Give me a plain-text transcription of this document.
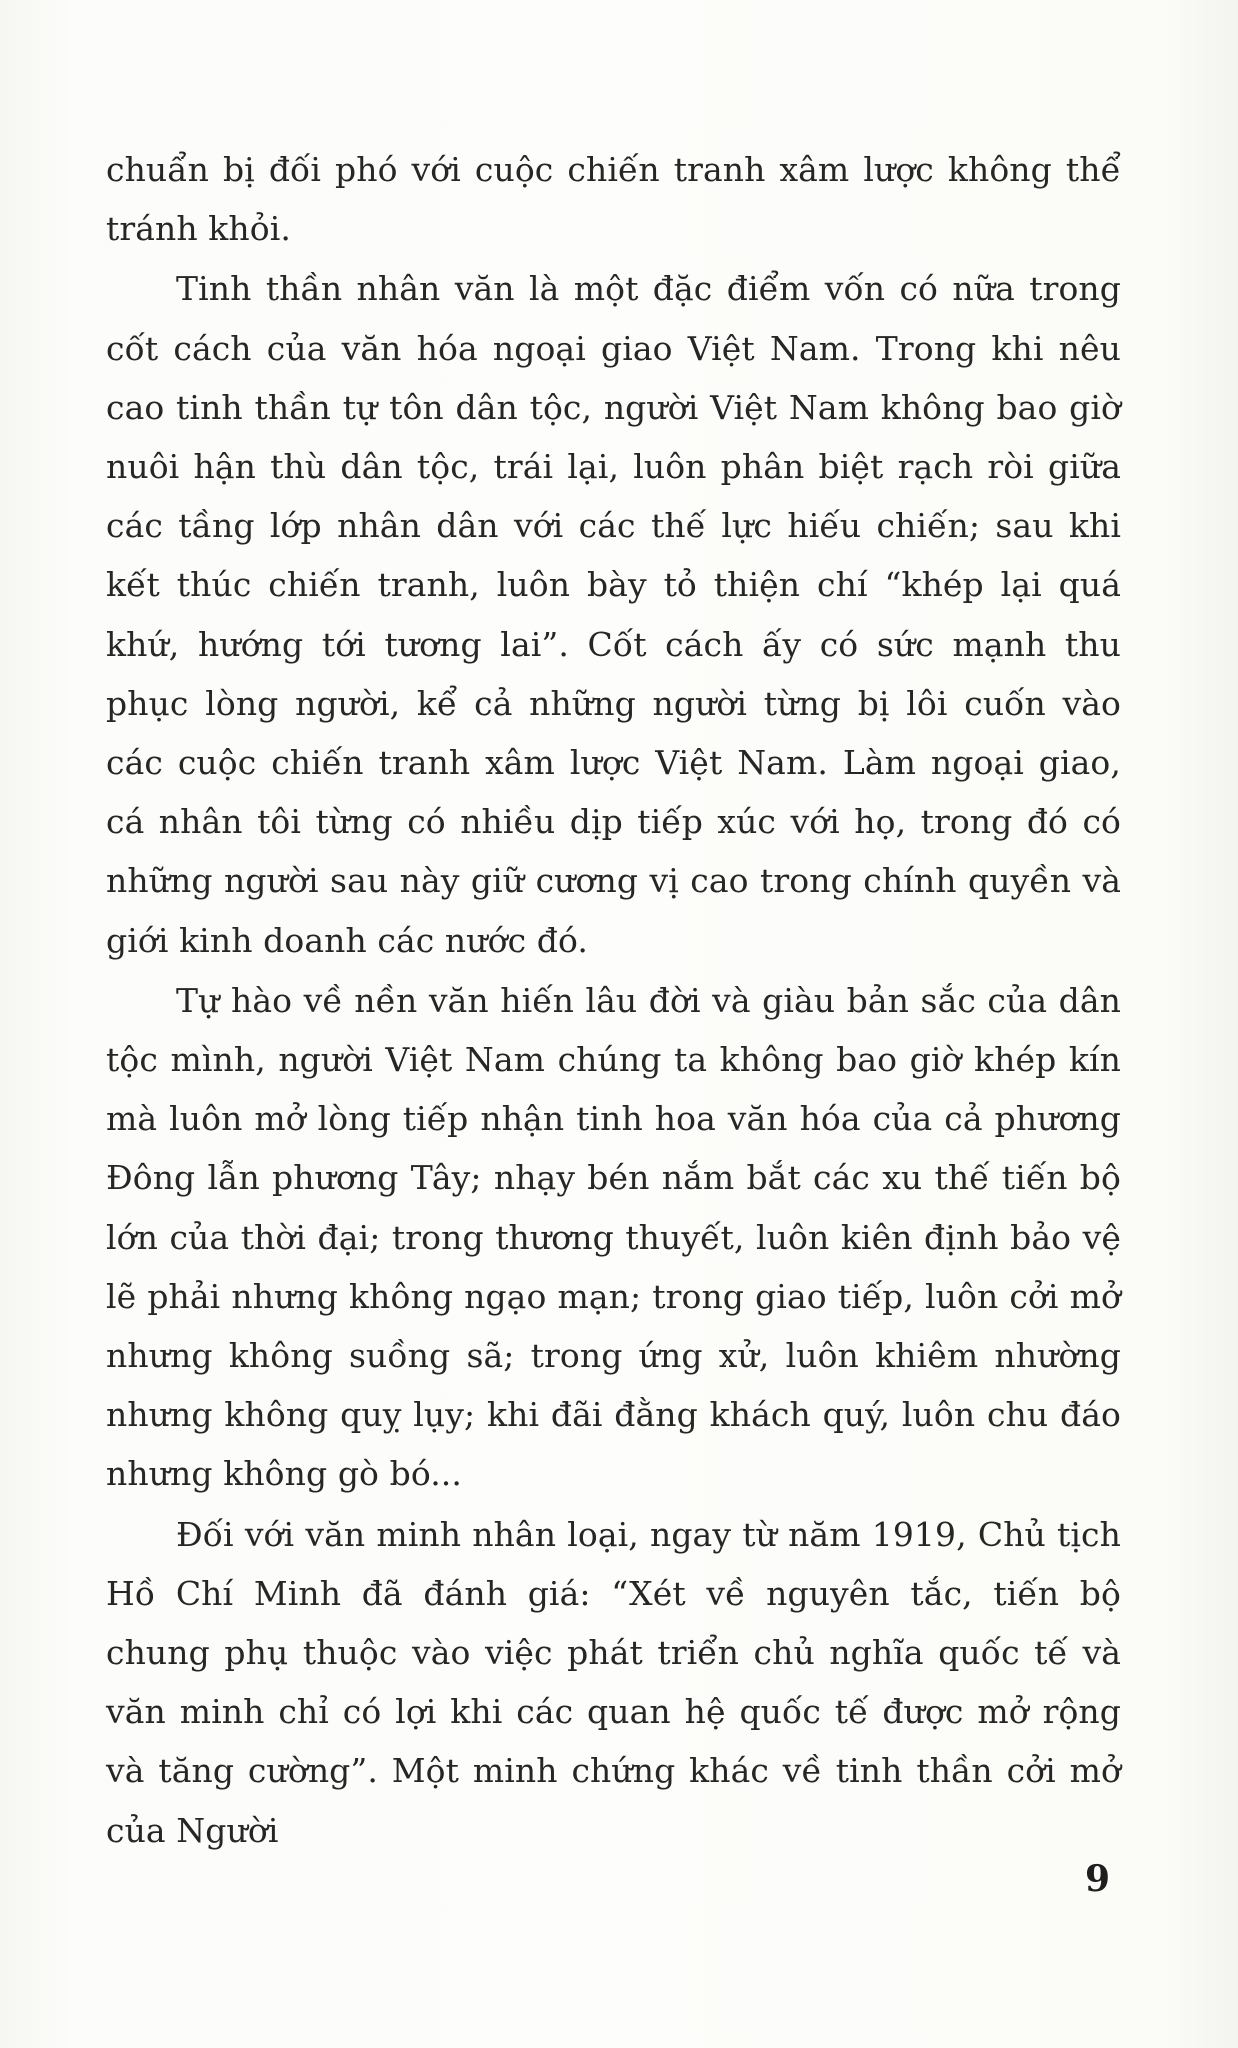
chuẩn bị đối phó với cuộc chiến tranh xâm lược không thể tránh khỏi.

Tinh thần nhân văn là một đặc điểm vốn có nữa trong cốt cách của văn hóa ngoại giao Việt Nam. Trong khi nêu cao tinh thần tự tôn dân tộc, người Việt Nam không bao giờ nuôi hận thù dân tộc, trái lại, luôn phân biệt rạch ròi giữa các tầng lớp nhân dân với các thế lực hiếu chiến; sau khi kết thúc chiến tranh, luôn bày tỏ thiện chí “khép lại quá khứ, hướng tới tương lai”. Cốt cách ấy có sức mạnh thu phục lòng người, kể cả những người từng bị lôi cuốn vào các cuộc chiến tranh xâm lược Việt Nam. Làm ngoại giao, cá nhân tôi từng có nhiều dịp tiếp xúc với họ, trong đó có những người sau này giữ cương vị cao trong chính quyền và giới kinh doanh các nước đó.

Tự hào về nền văn hiến lâu đời và giàu bản sắc của dân tộc mình, người Việt Nam chúng ta không bao giờ khép kín mà luôn mở lòng tiếp nhận tinh hoa văn hóa của cả phương Đông lẫn phương Tây; nhạy bén nắm bắt các xu thế tiến bộ lớn của thời đại; trong thương thuyết, luôn kiên định bảo vệ lẽ phải nhưng không ngạo mạn; trong giao tiếp, luôn cởi mở nhưng không suồng sã; trong ứng xử, luôn khiêm nhường nhưng không quỵ lụy; khi đãi đằng khách quý, luôn chu đáo nhưng không gò bó...

Đối với văn minh nhân loại, ngay từ năm 1919, Chủ tịch Hồ Chí Minh đã đánh giá: “Xét về nguyên tắc, tiến bộ chung phụ thuộc vào việc phát triển chủ nghĩa quốc tế và văn minh chỉ có lợi khi các quan hệ quốc tế được mở rộng và tăng cường”. Một minh chứng khác về tinh thần cởi mở của Người

9
